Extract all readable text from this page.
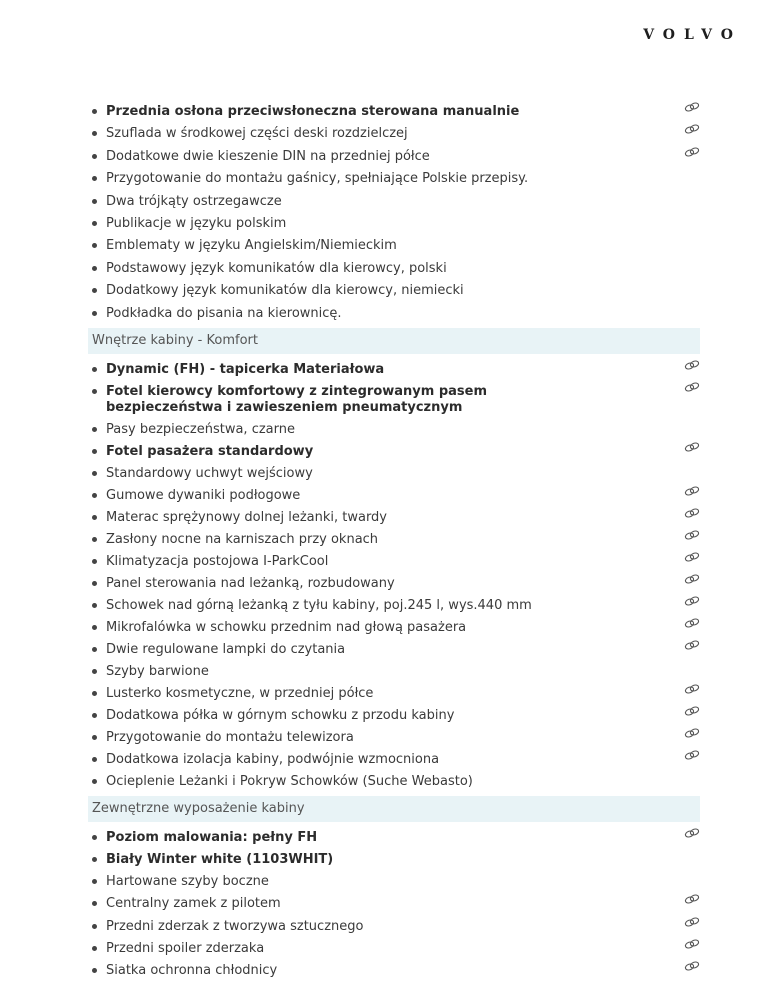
VOLVO
Przednia osłona przeciwsłoneczna sterowana manualnie
Szuflada w środkowej części deski rozdzielczej
Dodatkowe dwie kieszenie DIN na przedniej półce
Przygotowanie do montażu gaśnicy, spełniające Polskie przepisy.
Dwa trójkąty ostrzegawcze
Publikacje w języku polskim
Emblematy w języku Angielskim/Niemieckim
Podstawowy język komunikatów dla kierowcy, polski
Dodatkowy język komunikatów dla kierowcy, niemiecki
Podkładka do pisania na kierownicę.
Wnętrze kabiny - Komfort
Dynamic (FH) - tapicerka Materiałowa
Fotel kierowcy komfortowy z zintegrowanym pasem bezpieczeństwa i zawieszeniem pneumatycznym
Pasy bezpieczeństwa, czarne
Fotel pasażera standardowy
Standardowy uchwyt wejściowy
Gumowe dywaniki podłogowe
Materac sprężynowy dolnej leżanki, twardy
Zasłony nocne na karniszach przy oknach
Klimatyzacja postojowa I-ParkCool
Panel sterowania nad leżanką, rozbudowany
Schowek nad górną leżanką z tyłu kabiny, poj.245 l, wys.440 mm
Mikrofalówka w schowku przednim nad głową pasażera
Dwie regulowane lampki do czytania
Szyby barwione
Lusterko kosmetyczne, w przedniej półce
Dodatkowa półka w górnym schowku z przodu kabiny
Przygotowanie do montażu telewizora
Dodatkowa izolacja kabiny, podwójnie wzmocniona
Ocieplenie Leżanki i Pokryw Schowków (Suche Webasto)
Zewnętrzne wyposażenie kabiny
Poziom malowania: pełny FH
Biały Winter white (1103WHIT)
Hartowane szyby boczne
Centralny zamek z pilotem
Przedni zderzak z tworzywa sztucznego
Przedni spoiler zderzaka
Siatka ochronna chłodnicy
